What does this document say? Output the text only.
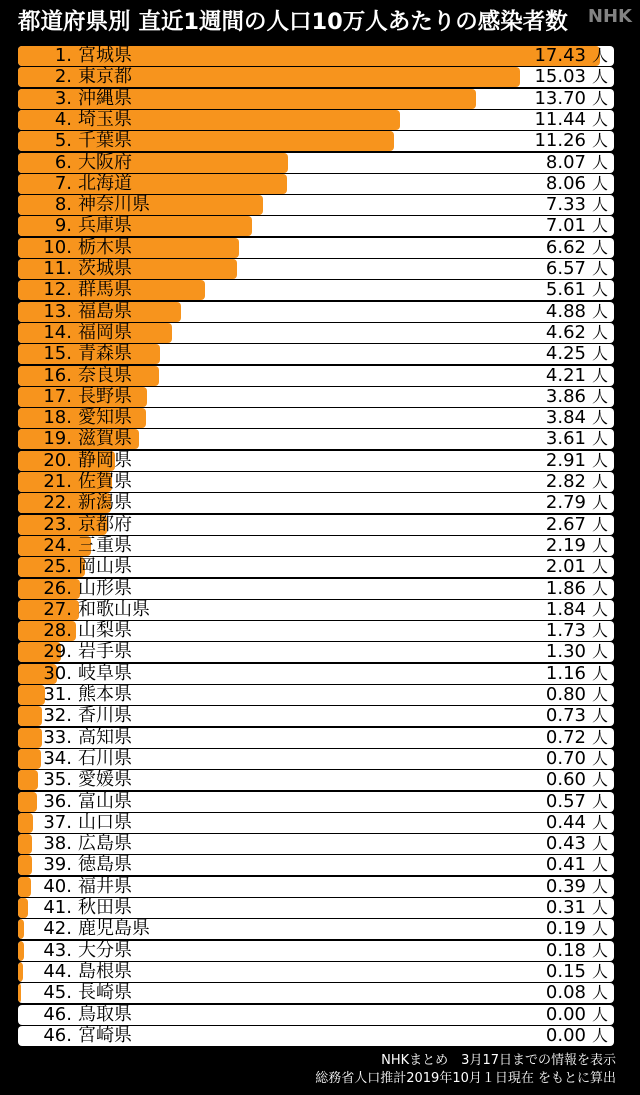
都道府県別 直近1週間の人口10万人あたりの感染者数 NHK
1. 宮城県	17.43 人
2. 東京都	15.03 人
3. 沖縄県	13.70 人
4. 埼玉県	11.44 人
5. 千葉県	11.26 人
6. 大阪府	8.07 人
7. 北海道	8.06 人
8. 神奈川県	7.33 人
9. 兵庫県	7.01 人
10. 栃木県	6.62 人
11. 茨城県	6.57 人
12. 群馬県	5.61 人
13. 福島県	4.88 人
14. 福岡県	4.62 人
15. 青森県	4.25 人
16. 奈良県	4.21 人
17. 長野県	3.86 人
18. 愛知県	3.84 人
19. 滋賀県	3.61 人
20. 静岡県	2.91 人
21. 佐賀県	2.82 人
22. 新潟県	2.79 人
23. 京都府	2.67 人
24. 三重県	2.19 人
25. 岡山県	2.01 人
26. 山形県	1.86 人
27. 和歌山県	1.84 人
28. 山梨県	1.73 人
29. 岩手県	1.30 人
30. 岐阜県	1.16 人
31. 熊本県	0.80 人
32. 香川県	0.73 人
33. 高知県	0.72 人
34. 石川県	0.70 人
35. 愛媛県	0.60 人
36. 富山県	0.57 人
37. 山口県	0.44 人
38. 広島県	0.43 人
39. 徳島県	0.41 人
40. 福井県	0.39 人
41. 秋田県	0.31 人
42. 鹿児島県	0.19 人
43. 大分県	0.18 人
44. 島根県	0.15 人
45. 長崎県	0.08 人
46. 鳥取県	0.00 人
46. 宮崎県	0.00 人
NHKまとめ　3月17日までの情報を表示
総務省人口推計2019年10月１日現在 をもとに算出
